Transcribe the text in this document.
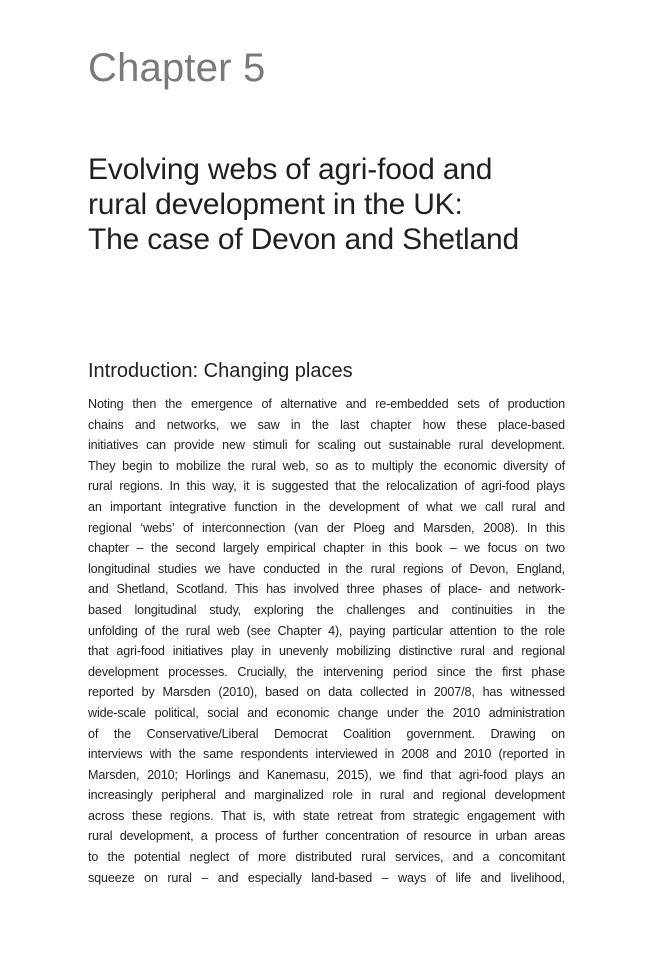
Chapter 5
Evolving webs of agri-food and
rural development in the UK:
The case of Devon and Shetland
Introduction: Changing places
Noting then the emergence of alternative and re-embedded sets of production
chains and networks, we saw in the last chapter how these place-based
initiatives can provide new stimuli for scaling out sustainable rural development.
They begin to mobilize the rural web, so as to multiply the economic diversity of
rural regions. In this way, it is suggested that the relocalization of agri-food plays
an important integrative function in the development of what we call rural and
regional ‘webs’ of interconnection (van der Ploeg and Marsden, 2008). In this
chapter – the second largely empirical chapter in this book – we focus on two
longitudinal studies we have conducted in the rural regions of Devon, England,
and Shetland, Scotland. This has involved three phases of place- and network-
based longitudinal study, exploring the challenges and continuities in the
unfolding of the rural web (see Chapter 4), paying particular attention to the role
that agri-food initiatives play in unevenly mobilizing distinctive rural and regional
development processes. Crucially, the intervening period since the first phase
reported by Marsden (2010), based on data collected in 2007/8, has witnessed
wide-scale political, social and economic change under the 2010 administration
of the Conservative/Liberal Democrat Coalition government. Drawing on
interviews with the same respondents interviewed in 2008 and 2010 (reported in
Marsden, 2010; Horlings and Kanemasu, 2015), we find that agri-food plays an
increasingly peripheral and marginalized role in rural and regional development
across these regions. That is, with state retreat from strategic engagement with
rural development, a process of further concentration of resource in urban areas
to the potential neglect of more distributed rural services, and a concomitant
squeeze on rural – and especially land-based – ways of life and livelihood,
